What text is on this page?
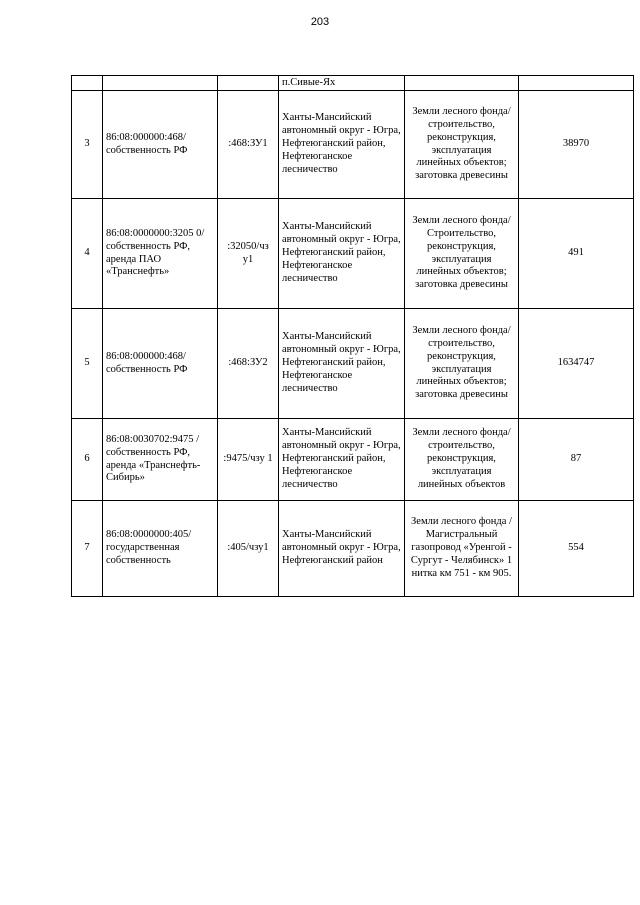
203
			п.Сивые-Ях		
3	86:08:000000:468/ собственность РФ	:468:ЗУ1	Ханты-Мансийский автономный округ - Югра, Нефтеюганский район, Нефтеюганское лесничество	Земли лесного фонда/ строительство, реконструкция, эксплуатация линейных объектов; заготовка древесины	38970
4	86:08:0000000:3205 0/собственность РФ, аренда ПАО «Транснефть»	:32050/чз у1	Ханты-Мансийский автономный округ - Югра, Нефтеюганский район, Нефтеюганское лесничество	Земли лесного фонда/ Строительство, реконструкция, эксплуатация линейных объектов; заготовка древесины	491
5	86:08:000000:468/ собственность РФ	:468:ЗУ2	Ханты-Мансийский автономный округ - Югра, Нефтеюганский район, Нефтеюганское лесничество	Земли лесного фонда/ строительство, реконструкция, эксплуатация линейных объектов; заготовка древесины	1634747
6	86:08:0030702:9475 /собственность РФ, аренда «Транснефть-Сибирь»	:9475/чзу 1	Ханты-Мансийский автономный округ - Югра, Нефтеюганский район, Нефтеюганское лесничество	Земли лесного фонда/ строительство, реконструкция, эксплуатация линейных объектов	87
7	86:08:0000000:405/ государственная собственность	:405/чзу1	Ханты-Мансийский автономный округ - Югра, Нефтеюганский район	Земли лесного фонда /Магистральный газопровод «Уренгой - Сургут - Челябинск» 1 нитка км 751 - км 905.	554
